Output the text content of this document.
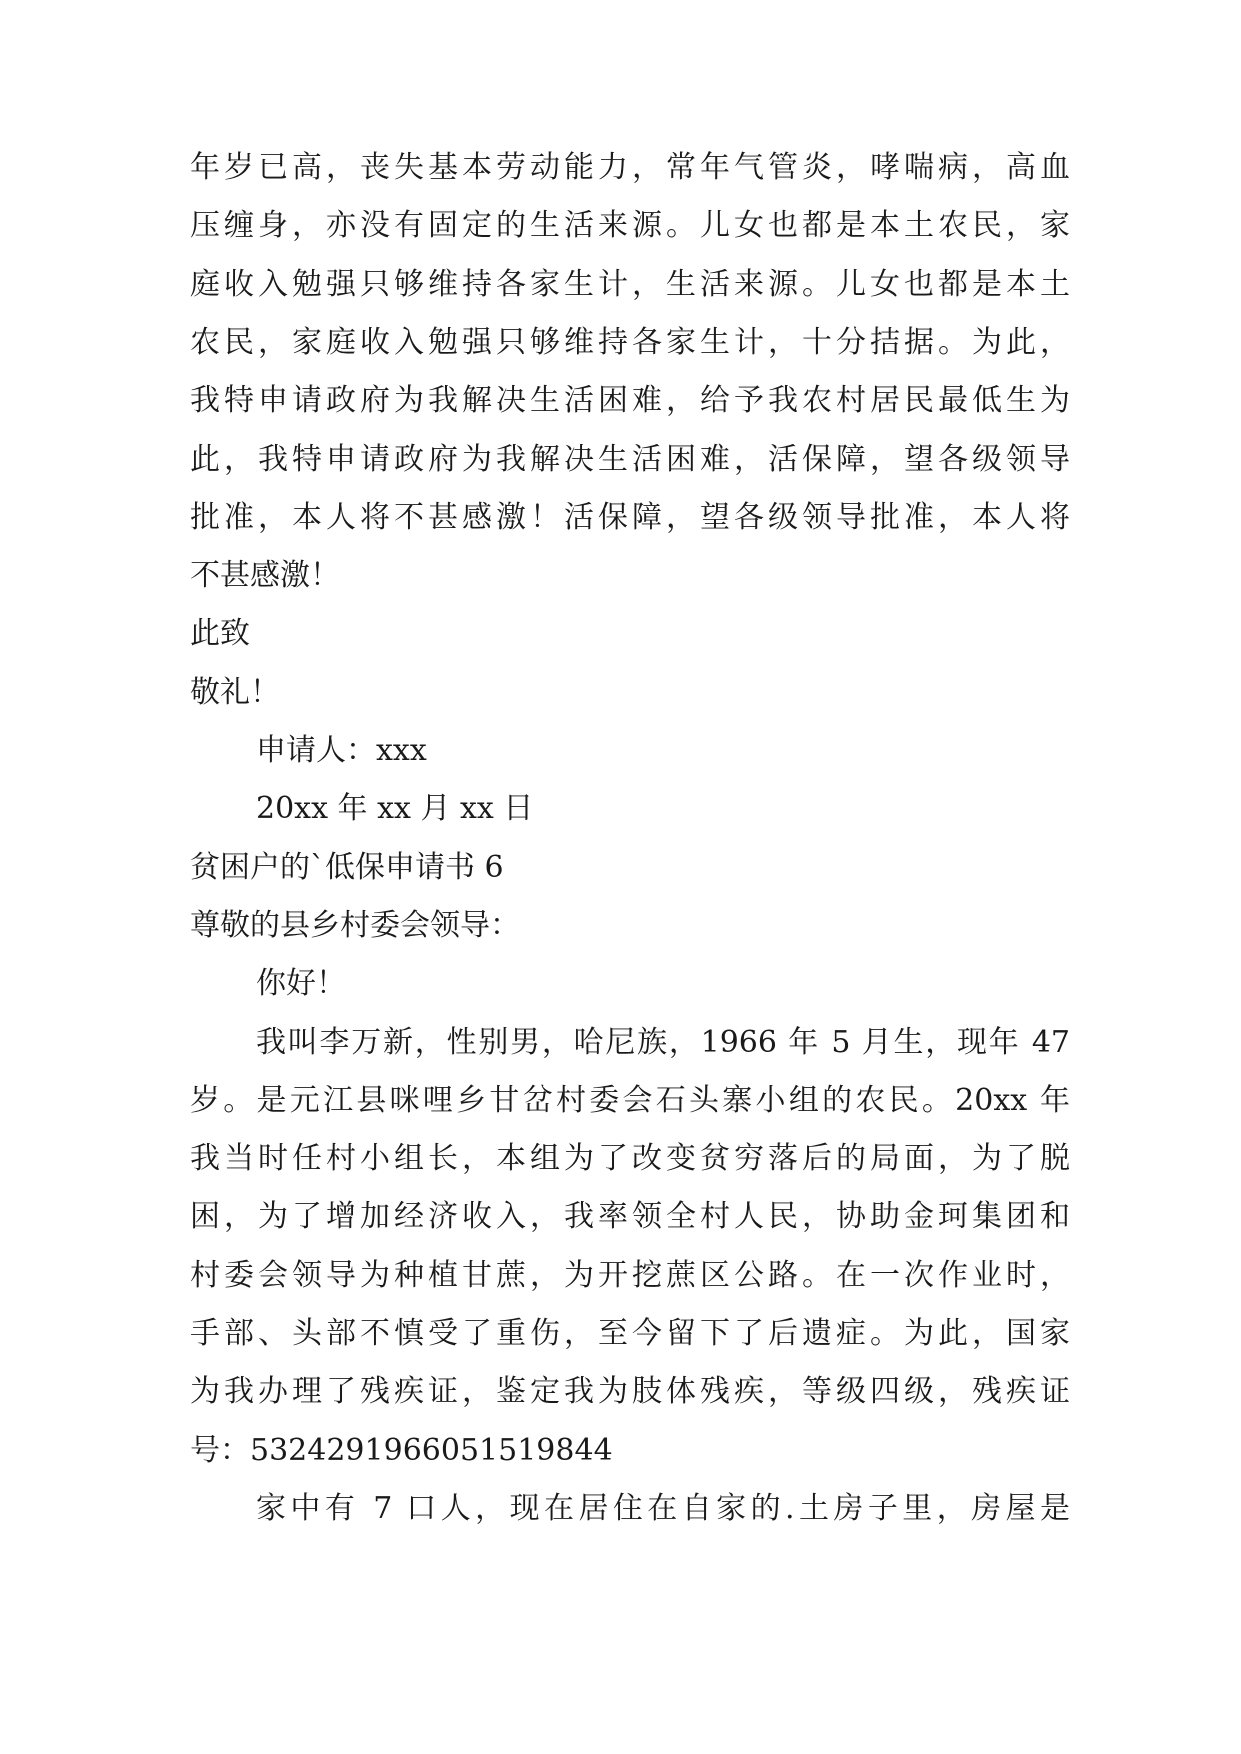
年岁已高，丧失基本劳动能力，常年气管炎，哮喘病，高血
压缠身，亦没有固定的生活来源。儿女也都是本土农民，家
庭收入勉强只够维持各家生计，生活来源。儿女也都是本土
农民，家庭收入勉强只够维持各家生计，十分拮据。为此，
我特申请政府为我解决生活困难，给予我农村居民最低生为
此，我特申请政府为我解决生活困难，活保障，望各级领导
批准，本人将不甚感激！活保障，望各级领导批准，本人将
不甚感激！
此致
敬礼！
申请人：xxx
20xx 年 xx 月 xx 日
贫困户的`低保申请书 6
尊敬的县乡村委会领导：
你好！
我叫李万新，性别男，哈尼族，1966 年 5 月生，现年 47
岁。是元江县咪哩乡甘岔村委会石头寨小组的农民。20xx 年
我当时任村小组长，本组为了改变贫穷落后的局面，为了脱
困，为了增加经济收入，我率领全村人民，协助金珂集团和
村委会领导为种植甘蔗，为开挖蔗区公路。在一次作业时，
手部、头部不慎受了重伤，至今留下了后遗症。为此，国家
为我办理了残疾证，鉴定我为肢体残疾，等级四级，残疾证
号：5324291966051519844
家中有 7 口人，现在居住在自家的.土房子里，房屋是
